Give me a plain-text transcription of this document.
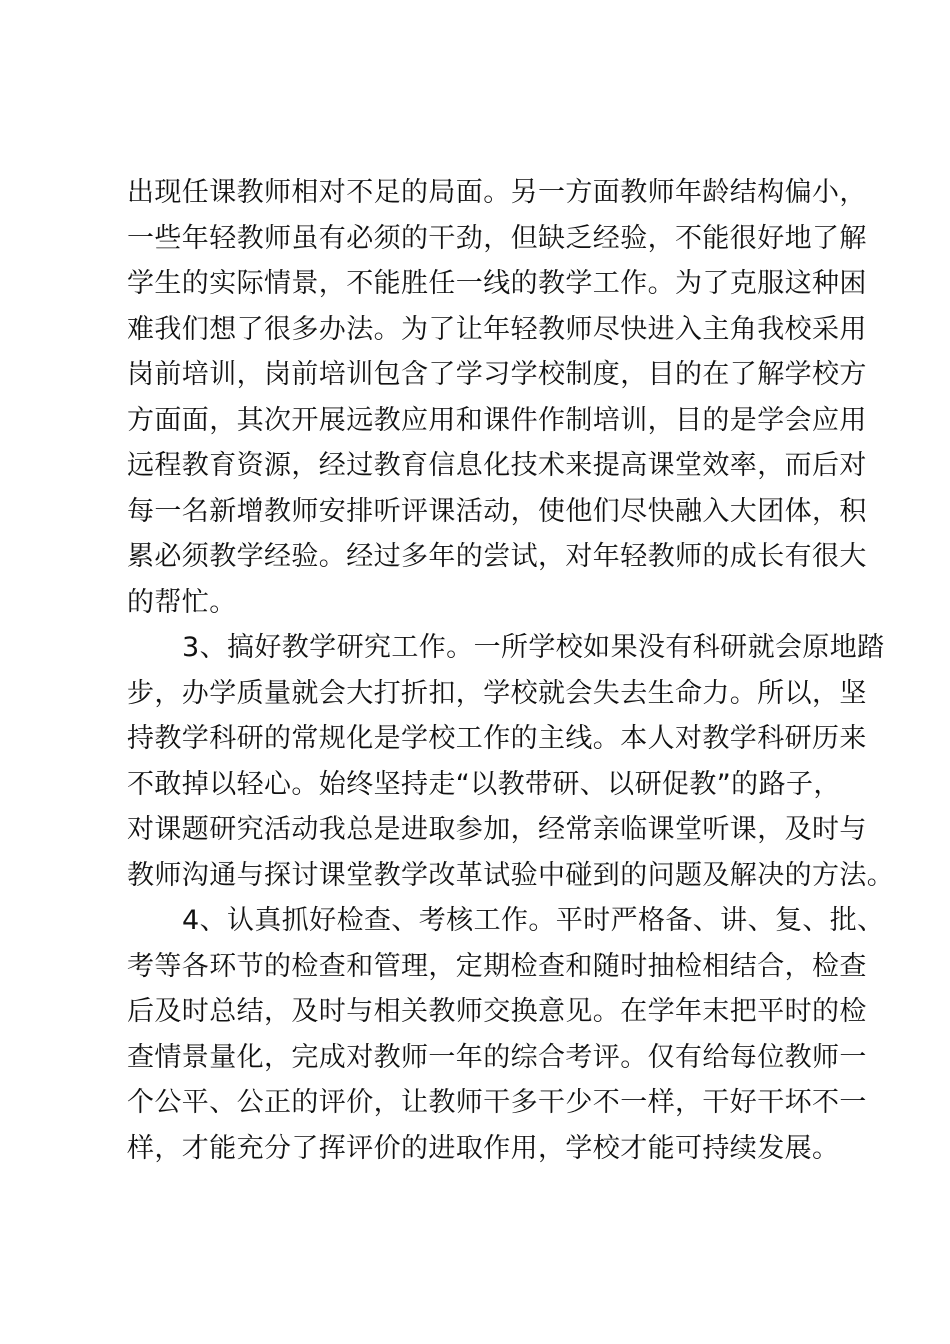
出现任课教师相对不足的局面。另一方面教师年龄结构偏小，
一些年轻教师虽有必须的干劲，但缺乏经验，不能很好地了解
学生的实际情景，不能胜任一线的教学工作。为了克服这种困
难我们想了很多办法。为了让年轻教师尽快进入主角我校采用
岗前培训，岗前培训包含了学习学校制度，目的在了解学校方
方面面，其次开展远教应用和课件作制培训，目的是学会应用
远程教育资源，经过教育信息化技术来提高课堂效率，而后对
每一名新增教师安排听评课活动，使他们尽快融入大团体，积
累必须教学经验。经过多年的尝试，对年轻教师的成长有很大
的帮忙。
3、搞好教学研究工作。一所学校如果没有科研就会原地踏
步，办学质量就会大打折扣，学校就会失去生命力。所以，坚
持教学科研的常规化是学校工作的主线。本人对教学科研历来
不敢掉以轻心。始终坚持走“以教带研、以研促教”的路子，
对课题研究活动我总是进取参加，经常亲临课堂听课，及时与
教师沟通与探讨课堂教学改革试验中碰到的问题及解决的方法。
4、认真抓好检查、考核工作。平时严格备、讲、复、批、
考等各环节的检查和管理，定期检查和随时抽检相结合，检查
后及时总结，及时与相关教师交换意见。在学年末把平时的检
查情景量化，完成对教师一年的综合考评。仅有给每位教师一
个公平、公正的评价，让教师干多干少不一样，干好干坏不一
样，才能充分了挥评价的进取作用，学校才能可持续发展。
